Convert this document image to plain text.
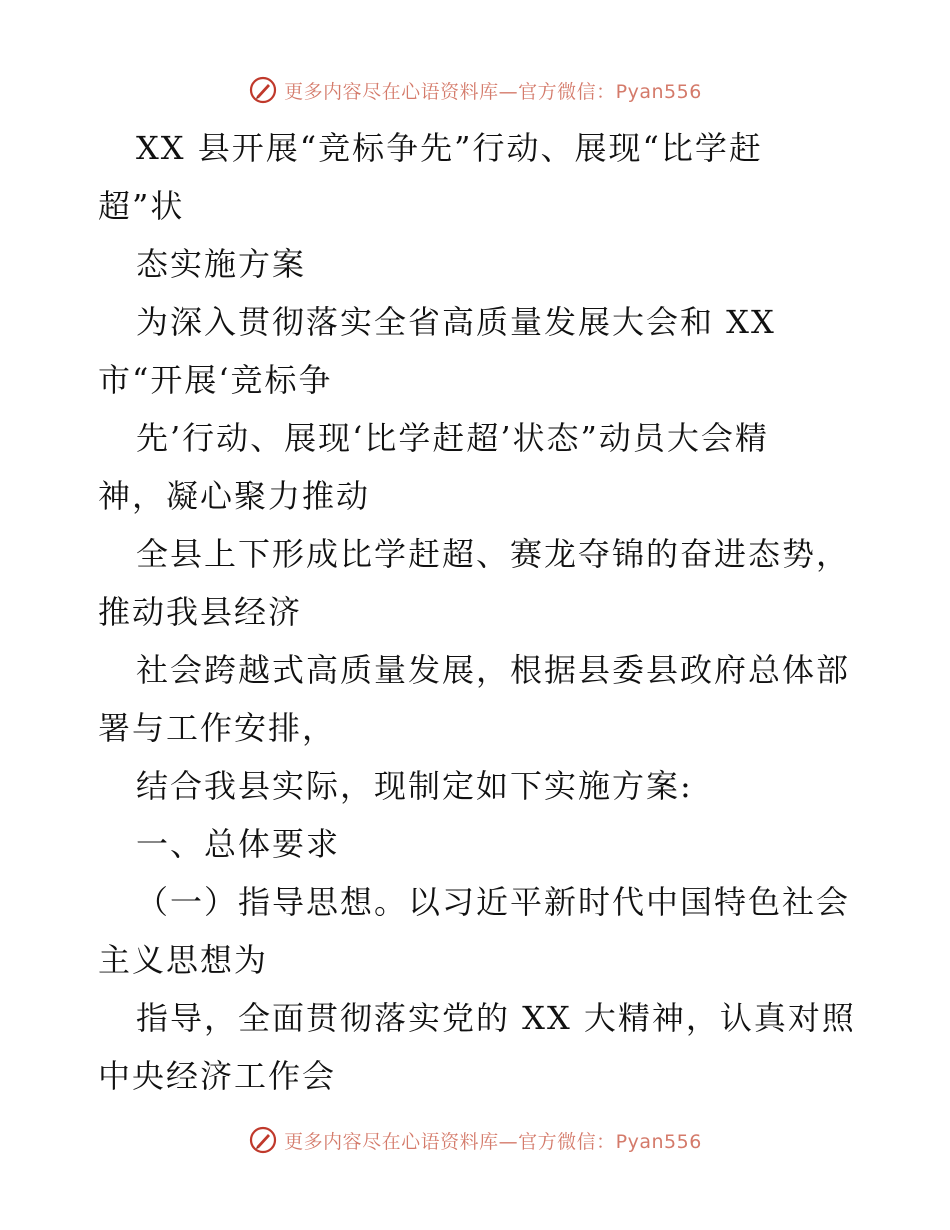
更多内容尽在心语资料库—官方微信：Pyan556
XX 县开展“竞标争先”行动、展现“比学赶
超”状
态实施方案
为深入贯彻落实全省高质量发展大会和 XX
市“开展‘竞标争
先’行动、展现‘比学赶超’状态”动员大会精
神，凝心聚力推动
全县上下形成比学赶超、赛龙夺锦的奋进态势，
推动我县经济
社会跨越式高质量发展，根据县委县政府总体部
署与工作安排，
结合我县实际，现制定如下实施方案:
一、总体要求
（一）指导思想。以习近平新时代中国特色社会
主义思想为
指导，全面贯彻落实党的 XX 大精神，认真对照
中央经济工作会
更多内容尽在心语资料库—官方微信：Pyan556
